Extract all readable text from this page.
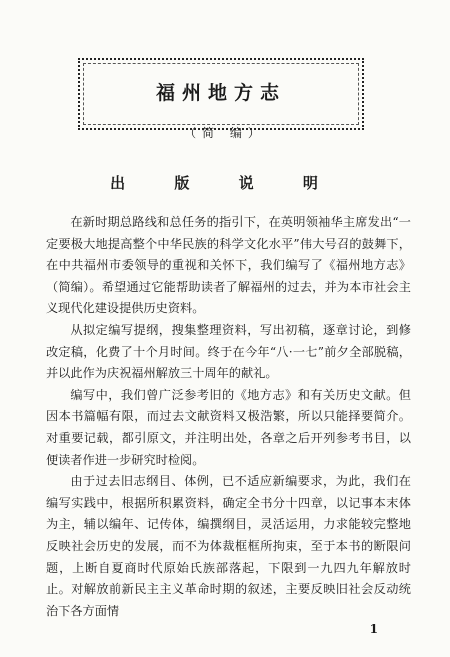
福州地方志
（简 编）
出 版 说 明

在新时期总路线和总任务的指引下，在英明领袖华主席发出“一定要极大地提高整个中华民族的科学文化水平”伟大号召的鼓舞下，在中共福州市委领导的重视和关怀下，我们编写了《福州地方志》（简编）。希望通过它能帮助读者了解福州的过去，并为本市社会主义现代化建设提供历史资料。

从拟定编写提纲，搜集整理资料，写出初稿，逐章讨论，到修改定稿，化费了十个月时间。终于在今年“八·一七”前夕全部脱稿，并以此作为庆祝福州解放三十周年的献礼。

编写中，我们曾广泛参考旧的《地方志》和有关历史文献。但因本书篇幅有限，而过去文献资料又极浩繁，所以只能择要简介。对重要记载，都引原文，并注明出处，各章之后开列参考书目，以便读者作进一步研究时检阅。

由于过去旧志纲目、体例，已不适应新编要求，为此，我们在编写实践中，根据所积累资料，确定全书分十四章，以记事本末体为主，辅以编年、记传体，编撰纲目，灵活运用，力求能较完整地反映社会历史的发展，而不为体裁框框所拘束，至于本书的断限问题，上断自夏商时代原始氏族部落起，下限到一九四九年解放时止。对解放前新民主主义革命时期的叙述，主要反映旧社会反动统治下各方面情

1
